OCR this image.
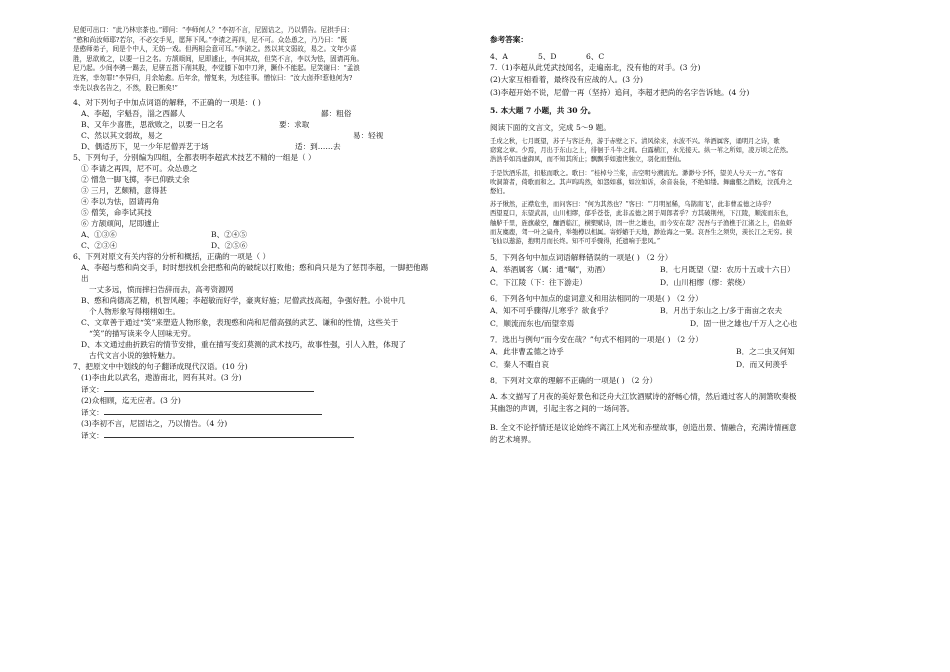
尼便可出口：“此乃林宗茶也。”即问：“李师何人？”李初不言，尼固诘之，乃以情告。尼拱手曰：

“憨和尚汝师耶?若尔，不必交手见，愿拜下风。”李请之再四，尼不可。众怂恿之，乃乃曰：“既

是憨师弟子，间是个中人，无妨一戏。但两相会意可耳。”李诺之。然以其文弱故，易之。文年少喜

胜，思欲败之，以要一日之名。方颉颃间，尼即遽止，李问其故，但笑不言，李以为怯，固请再角。

尼乃起。少间李骋一踢去，尼骈五指下削其股，李觉膝下如中刀斧，蹶仆不能起。尼笑谢曰：“孟浪

迕客，幸勿罪!”李异归，月余始愈。后年余，憎复来，为述往事。憎惊曰：“汝大卤莽!惹他何为?

幸先以我名告之，不然，股已断矣!”

4、对下列句子中加点词语的解释，不正确的一项是：( )

A、李超，字魁吾，淄之西鄙人	鄙：粗俗
B、又年少喜胜，思欲败之，以要一日之名	要：求取
C、然以其文弱故，易之	易：轻视
D、偶适历下，见一少年尼僧弄艺于场	适：到……去

5、下列句子，分别编为四组，全都表明李超武术技艺不精的一组是（ ）

① 李请之再四，尼不可。众怂恿之

② 憎急一脚飞掷，李已仰跌丈余

③ 三月，艺颇精，意得甚

④ 李以为怯，固请再角

⑤ 僧笑，命李试其技

⑥ 方颉颃间，尼即遽止

A、①③⑥	B、②④⑤
C、②③④	D、②⑤⑥

6、下列对原文有关内容的分析和概括，正确的一项是（ ）

A、李超与憨和尚交手，时时想找机会把憨和尚的破绽以打败他；憨和尚只是为了惩罚李超，一脚把他踢出

一丈多远，愤而摔扫告辞而去，高考资源网

B、憨和尚德高艺精，机智风趣；李超敏而好学，豪爽好施；尼僧武技高超，争强好胜。小说中几

个人物形象写得栩栩如生。

C、文章善于通过“笑”来塑造人物形象，表现憨和尚和尼僧高强的武艺、谦和的性情，这些关于

“笑”的描写读来令人回味无穷。

D、本文通过曲折跌宕的情节安排，重在描写变幻莫测的武术技巧，故事性强，引人入胜，体现了

古代文言小说的独特魅力。

7、把原文中中划线的句子翻译成现代汉语。(10 分)

(1)李由此以武名，遨游南北，罔有其对。(3 分)

译文：

(2)众相顾，迄无应者。(3 分)

译文：

(3)李初不言，尼固诘之，乃以情告。（4 分)

译文：

参考答案：

4、A	5、D	6、C

7.（1)李超从此凭武技闻名，走遍南北，没有他的对手。(3 分)

(2)大家互相看着，最终没有应战的人。(3 分)

(3)李超开始不说，尼僧一再（坚持）追问，李超才把尚的名字告诉她。(4 分)

5. 本大题 7 小题，共 30 分。

阅读下面的文言文，完成 5～9 题。

壬戌之秋，七月既望，苏子与客泛舟，游于赤壁之下。清风徐来，水波不兴。举酒属客，诵明月之诗，歌

窈窕之章。少焉，月出于东山之上，徘徊于斗牛之间。白露横江，水光接天。纵一苇之所如，凌万顷之茫然。

浩浩乎如冯虚御风，而不知其所止；飘飘乎如遗世独立，羽化而登仙。

于是饮酒乐甚，扣舷而歌之。歌曰：“桂棹兮兰桨，击空明兮溯流光。渺渺兮予怀，望美人兮天一方。”客有

吹洞箫者，倚歌而和之。其声呜呜然，如怨如慕，如泣如诉，余音袅袅，不绝如缕。舞幽壑之潜蛟，泣孤舟之

嫠妇。

苏子愀然，正襟危坐，而问客曰：“何为其然也？”客曰：“‘月明星稀，乌鹊南飞’，此非曹孟德之诗乎？

西望夏口，东望武昌，山川相缪，郁乎苍苍，此非孟德之困于周郎者乎？方其破荆州，下江陵，顺流而东也，

舳舻千里，旌旗蔽空，酾酒临江，横槊赋诗，固一世之雄也，而今安在哉？况吾与子渔樵于江渚之上，侣鱼虾

而友麋鹿，驾一叶之扁舟，举匏樽以相属。寄蜉蝣于天地，渺沧海之一粟。哀吾生之须臾，羡长江之无穷。挟

飞仙以遨游，抱明月而长终。知不可乎骤得，托遗响于悲风。”

5．下列各句中加点词语解释错误的一项是( ) （2 分）

A．举酒属客（属：通“嘱”，劝酒）	B．七月既望（望：农历十五或十六日）
C．下江陵（下：往下游走）	D．山川相缪（缪：萦绕）

6．下列各句中加点的虚词意义和用法相同的一项是( ) （2 分）

A．知不可乎骤得/儿寒乎？欲食乎？	B．月出于东山之上/多于南亩之农夫
C．顺流而东也/而望幸焉	D．固一世之雄也/千万人之心也

7．选出与例句“而今安在哉？”句式不相同的一项是( ) （2 分）

A．此非曹孟德之诗乎	B．之二虫又何知
C．秦人不暇自哀	D．而又何羡乎

8．下列对文章的理解不正确的一项是( ) （2 分）

A. 本文描写了月夜的美好景色和泛舟大江饮酒赋诗的舒畅心情，然后通过客人的洞箫吹奏极

其幽怨的声调，引起主客之间的一场问答。

B. 全文不论抒情还是议论始终不离江上风光和赤壁故事，创造出景、情融合，充满诗情画意

的艺术境界。
